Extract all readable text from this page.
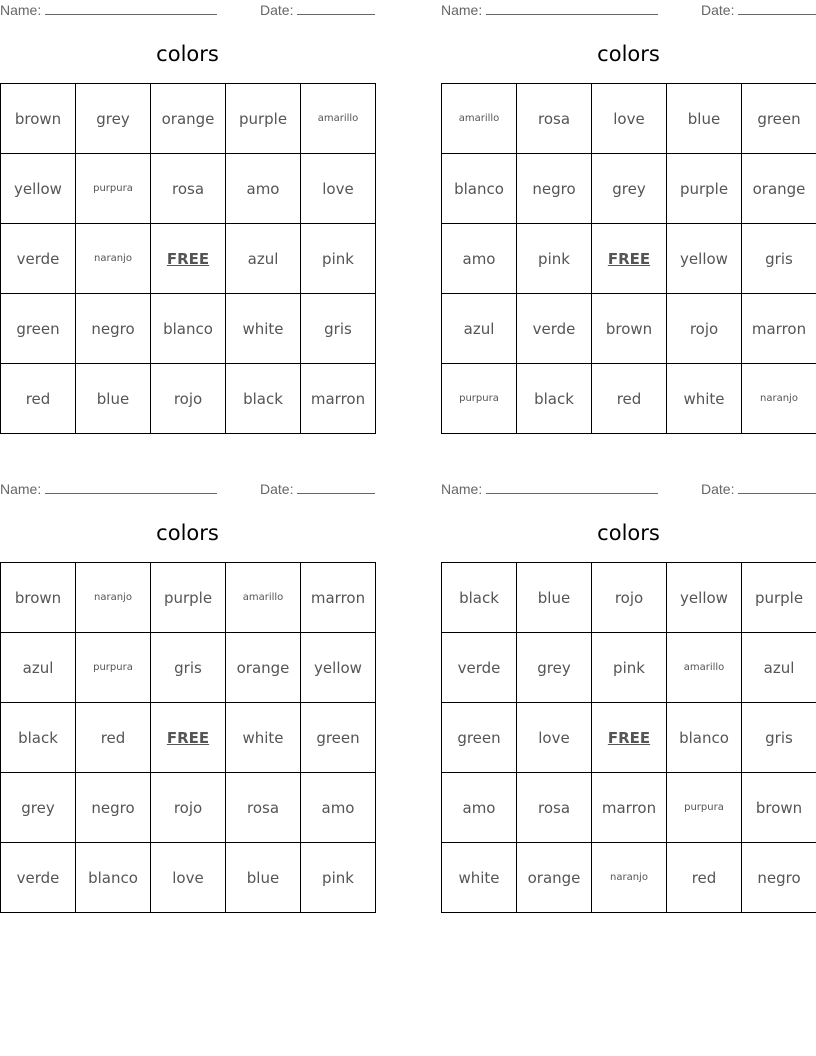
Name:	Date:
colors
brown	grey	orange	purple	amarillo
yellow	purpura	rosa	amo	love
verde	naranjo	FREE	azul	pink
green	negro	blanco	white	gris
red	blue	rojo	black	marron
Name:	Date:
colors
amarillo	rosa	love	blue	green
blanco	negro	grey	purple	orange
amo	pink	FREE	yellow	gris
azul	verde	brown	rojo	marron
purpura	black	red	white	naranjo
Name:	Date:
colors
brown	naranjo	purple	amarillo	marron
azul	purpura	gris	orange	yellow
black	red	FREE	white	green
grey	negro	rojo	rosa	amo
verde	blanco	love	blue	pink
Name:	Date:
colors
black	blue	rojo	yellow	purple
verde	grey	pink	amarillo	azul
green	love	FREE	blanco	gris
amo	rosa	marron	purpura	brown
white	orange	naranjo	red	negro
